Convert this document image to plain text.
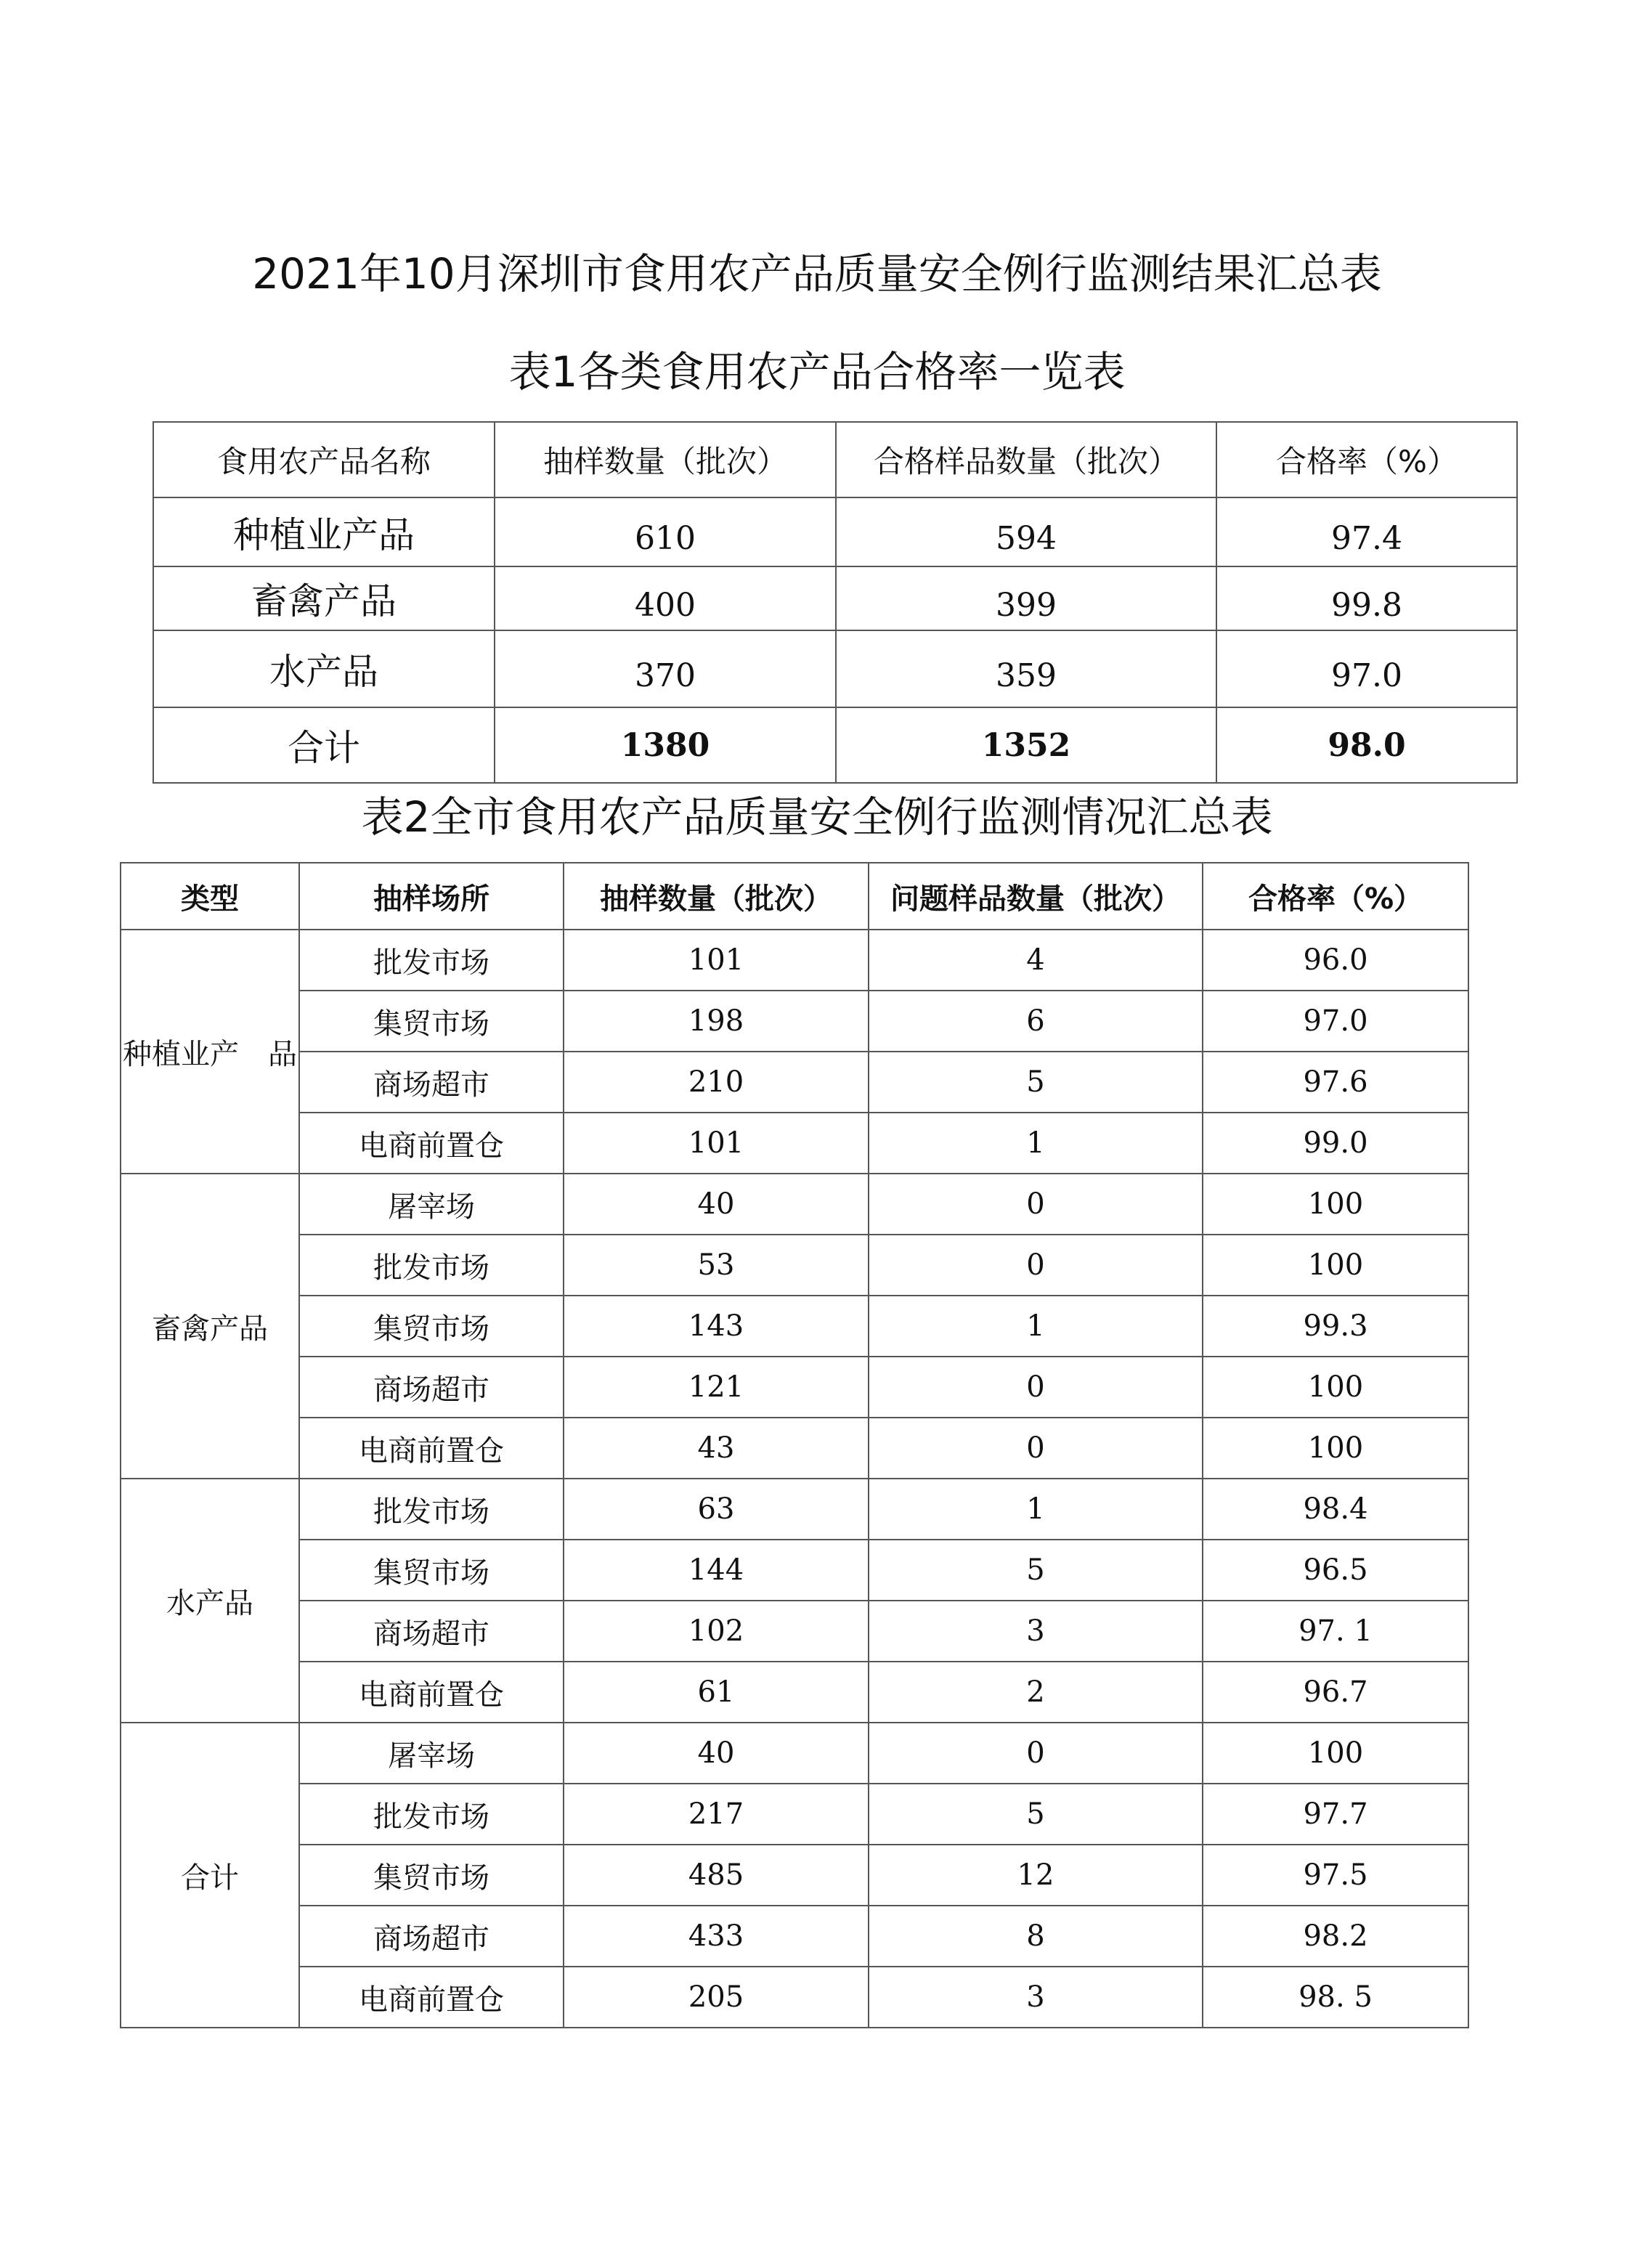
2021年10月深圳市食用农产品质量安全例行监测结果汇总表
表1各类食用农产品合格率一览表
食用农产品名称	抽样数量（批次）	合格样品数量（批次）	合格率（%）
种植业产品	610	594	97.4
畜禽产品	400	399	99.8
水产品	370	359	97.0
合计	1380	1352	98.0
表2全市食用农产品质量安全例行监测情况汇总表
类型	抽样场所	抽样数量（批次）	问题样品数量（批次）	合格率（%）
种植业产　品	批发市场	101	4	96.0
	集贸市场	198	6	97.0
	商场超市	210	5	97.6
	电商前置仓	101	1	99.0
畜禽产品	屠宰场	40	0	100
	批发市场	53	0	100
	集贸市场	143	1	99.3
	商场超市	121	0	100
	电商前置仓	43	0	100
水产品	批发市场	63	1	98.4
	集贸市场	144	5	96.5
	商场超市	102	3	97. 1
	电商前置仓	61	2	96.7
合计	屠宰场	40	0	100
	批发市场	217	5	97.7
	集贸市场	485	12	97.5
	商场超市	433	8	98.2
	电商前置仓	205	3	98. 5
